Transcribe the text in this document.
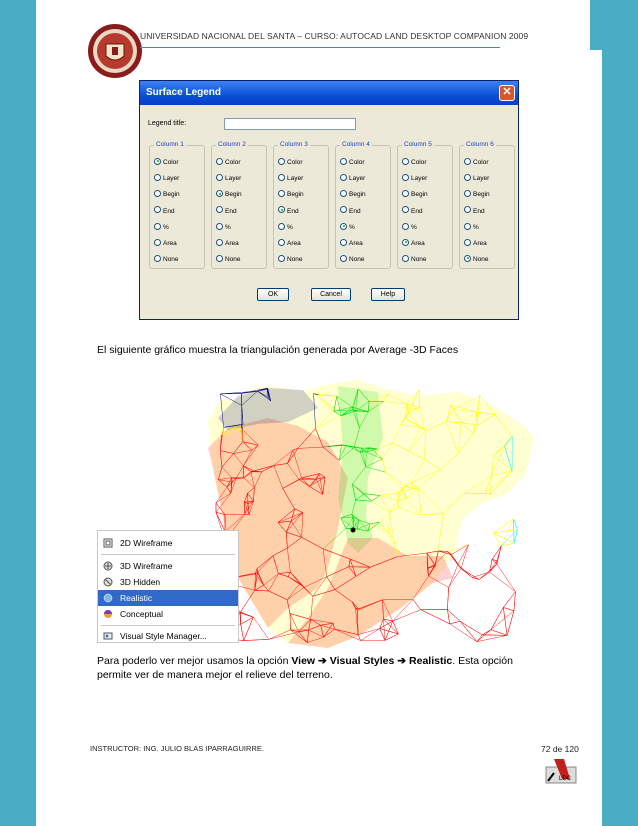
UNIVERSIDAD NACIONAL DEL SANTA – CURSO: AUTOCAD LAND DESKTOP COMPANION 2009
Surface Legend	✕
Legend title:
OK	Cancel	Help
Column 1
Color
Layer
Begin
End
%
Area
None
Column 2
Color
Layer
Begin
End
%
Area
None
Column 3
Color
Layer
Begin
End
%
Area
None
Column 4
Color
Layer
Begin
End
%
Area
None
Column 5
Color
Layer
Begin
End
%
Area
None
Column 6
Color
Layer
Begin
End
%
Area
None
El siguiente gráfico muestra la triangulación generada por Average -3D Faces
2D Wireframe
3D Wireframe
3D Hidden
Realistic
Conceptual
Visual Style Manager...
Para poderlo ver mejor usamos la opción View ➔ Visual Styles ➔ Realistic. Esta opción
permite ver de manera mejor el relieve del terreno.
INSTRUCTOR: ING. JULIO BLAS IPARRAGUIRRE.	72 de 120
LDC
